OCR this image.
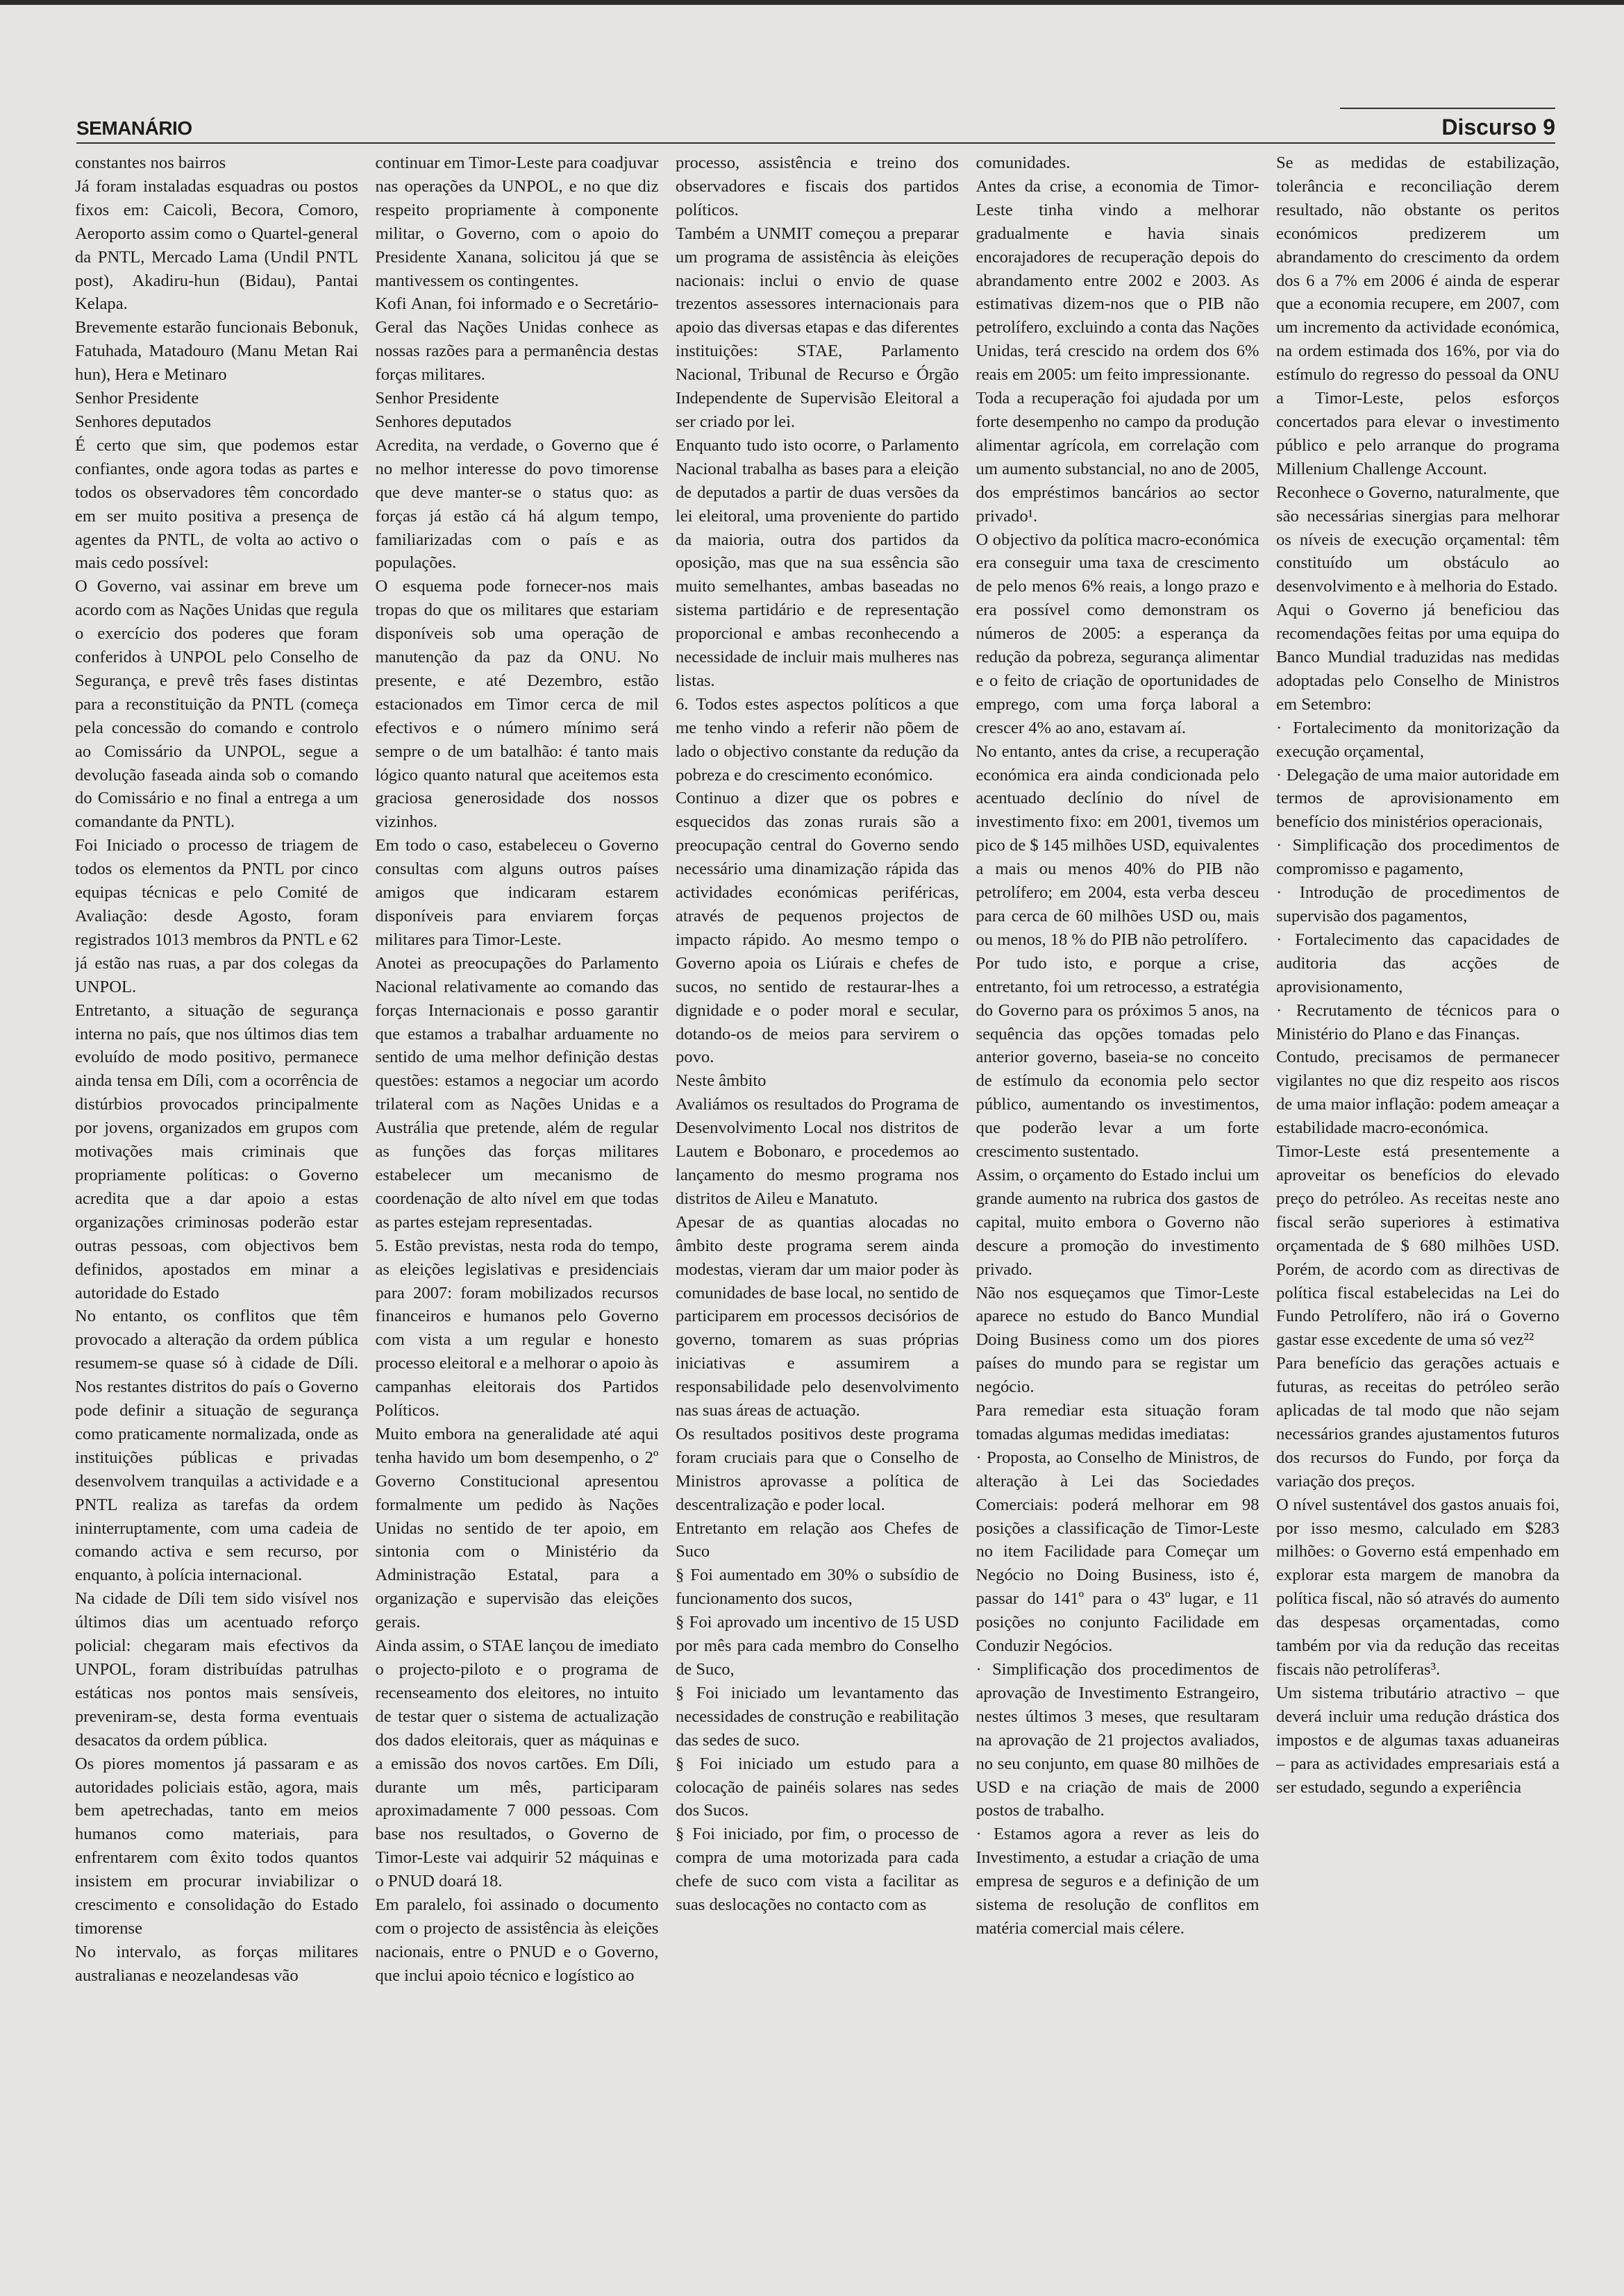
SEMANÁRIO	Discurso 9

constantes nos bairros

Já foram instaladas esquadras ou postos fixos em: Caicoli, Becora, Comoro, Aeroporto assim como o Quartel-general da PNTL, Mercado Lama (Undil PNTL post), Akadiru-hun (Bidau), Pantai Kelapa.

Brevemente estarão funcionais Bebonuk, Fatuhada, Matadouro (Manu Metan Rai hun), Hera e Metinaro

Senhor Presidente

Senhores deputados

É certo que sim, que podemos estar confiantes, onde agora todas as partes e todos os observadores têm concordado em ser muito positiva a presença de agentes da PNTL, de volta ao activo o mais cedo possível:

O Governo, vai assinar em breve um acordo com as Nações Unidas que regula o exercício dos poderes que foram conferidos à UNPOL pelo Conselho de Segurança, e prevê três fases distintas para a reconstituição da PNTL (começa pela concessão do comando e controlo ao Comissário da UNPOL, segue a devolução faseada ainda sob o comando do Comissário e no final a entrega a um comandante da PNTL).

Foi Iniciado o processo de triagem de todos os elementos da PNTL por cinco equipas técnicas e pelo Comité de Avaliação: desde Agosto, foram registrados 1013 membros da PNTL e 62 já estão nas ruas, a par dos colegas da UNPOL.

Entretanto, a situação de segurança interna no país, que nos últimos dias tem evoluído de modo positivo, permanece ainda tensa em Díli, com a ocorrência de distúrbios provocados principalmente por jovens, organizados em grupos com motivações mais criminais que propriamente políticas: o Governo acredita que a dar apoio a estas organizações criminosas poderão estar outras pessoas, com objectivos bem definidos, apostados em minar a autoridade do Estado

No entanto, os conflitos que têm provocado a alteração da ordem pública resumem-se quase só à cidade de Díli. Nos restantes distritos do país o Governo pode definir a situação de segurança como praticamente normalizada, onde as instituições públicas e privadas desenvolvem tranquilas a actividade e a PNTL realiza as tarefas da ordem ininterruptamente, com uma cadeia de comando activa e sem recurso, por enquanto, à polícia internacional.

Na cidade de Díli tem sido visível nos últimos dias um acentuado reforço policial: chegaram mais efectivos da UNPOL, foram distribuídas patrulhas estáticas nos pontos mais sensíveis, preveniram-se, desta forma eventuais desacatos da ordem pública.

Os piores momentos já passaram e as autoridades policiais estão, agora, mais bem apetrechadas, tanto em meios humanos como materiais, para enfrentarem com êxito todos quantos insistem em procurar inviabilizar o crescimento e consolidação do Estado timorense

No intervalo, as forças militares australianas e neozelandesas vão

continuar em Timor-Leste para coadjuvar nas operações da UNPOL, e no que diz respeito propriamente à componente militar, o Governo, com o apoio do Presidente Xanana, solicitou já que se mantivessem os contingentes.

Kofi Anan, foi informado e o Secretário-Geral das Nações Unidas conhece as nossas razões para a permanência destas forças militares.

Senhor Presidente

Senhores deputados

Acredita, na verdade, o Governo que é no melhor interesse do povo timorense que deve manter-se o status quo: as forças já estão cá há algum tempo, familiarizadas com o país e as populações.

O esquema pode fornecer-nos mais tropas do que os militares que estariam disponíveis sob uma operação de manutenção da paz da ONU. No presente, e até Dezembro, estão estacionados em Timor cerca de mil efectivos e o número mínimo será sempre o de um batalhão: é tanto mais lógico quanto natural que aceitemos esta graciosa generosidade dos nossos vizinhos.

Em todo o caso, estabeleceu o Governo consultas com alguns outros países amigos que indicaram estarem disponíveis para enviarem forças militares para Timor-Leste.

Anotei as preocupações do Parlamento Nacional relativamente ao comando das forças Internacionais e posso garantir que estamos a trabalhar arduamente no sentido de uma melhor definição destas questões: estamos a negociar um acordo trilateral com as Nações Unidas e a Austrália que pretende, além de regular as funções das forças militares estabelecer um mecanismo de coordenação de alto nível em que todas as partes estejam representadas.

5. Estão previstas, nesta roda do tempo, as eleições legislativas e presidenciais para 2007: foram mobilizados recursos financeiros e humanos pelo Governo com vista a um regular e honesto processo eleitoral e a melhorar o apoio às campanhas eleitorais dos Partidos Políticos.

Muito embora na generalidade até aqui tenha havido um bom desempenho, o 2º Governo Constitucional apresentou formalmente um pedido às Nações Unidas no sentido de ter apoio, em sintonia com o Ministério da Administração Estatal, para a organização e supervisão das eleições gerais.

Ainda assim, o STAE lançou de imediato o projecto-piloto e o programa de recenseamento dos eleitores, no intuito de testar quer o sistema de actualização dos dados eleitorais, quer as máquinas e a emissão dos novos cartões. Em Díli, durante um mês, participaram aproximadamente 7 000 pessoas. Com base nos resultados, o Governo de Timor-Leste vai adquirir 52 máquinas e o PNUD doará 18.

Em paralelo, foi assinado o documento com o projecto de assistência às eleições nacionais, entre o PNUD e o Governo, que inclui apoio técnico e logístico ao

processo, assistência e treino dos observadores e fiscais dos partidos políticos.

Também a UNMIT começou a preparar um programa de assistência às eleições nacionais: inclui o envio de quase trezentos assessores internacionais para apoio das diversas etapas e das diferentes instituições: STAE, Parlamento Nacional, Tribunal de Recurso e Órgão Independente de Supervisão Eleitoral a ser criado por lei.

Enquanto tudo isto ocorre, o Parlamento Nacional trabalha as bases para a eleição de deputados a partir de duas versões da lei eleitoral, uma proveniente do partido da maioria, outra dos partidos da oposição, mas que na sua essência são muito semelhantes, ambas baseadas no sistema partidário e de representação proporcional e ambas reconhecendo a necessidade de incluir mais mulheres nas listas.

6. Todos estes aspectos políticos a que me tenho vindo a referir não põem de lado o objectivo constante da redução da pobreza e do crescimento económico.

Continuo a dizer que os pobres e esquecidos das zonas rurais são a preocupação central do Governo sendo necessário uma dinamização rápida das actividades económicas periféricas, através de pequenos projectos de impacto rápido. Ao mesmo tempo o Governo apoia os Liúrais e chefes de sucos, no sentido de restaurar-lhes a dignidade e o poder moral e secular, dotando-os de meios para servirem o povo.

Neste âmbito

Avaliámos os resultados do Programa de Desenvolvimento Local nos distritos de Lautem e Bobonaro, e procedemos ao lançamento do mesmo programa nos distritos de Aileu e Manatuto.

Apesar de as quantias alocadas no âmbito deste programa serem ainda modestas, vieram dar um maior poder às comunidades de base local, no sentido de participarem em processos decisórios de governo, tomarem as suas próprias iniciativas e assumirem a responsabilidade pelo desenvolvimento nas suas áreas de actuação.

Os resultados positivos deste programa foram cruciais para que o Conselho de Ministros aprovasse a política de descentralização e poder local.

Entretanto em relação aos Chefes de Suco

§ Foi aumentado em 30% o subsídio de funcionamento dos sucos,

§ Foi aprovado um incentivo de 15 USD por mês para cada membro do Conselho de Suco,

§ Foi iniciado um levantamento das necessidades de construção e reabilitação das sedes de suco.

§ Foi iniciado um estudo para a colocação de painéis solares nas sedes dos Sucos.

§ Foi iniciado, por fim, o processo de compra de uma motorizada para cada chefe de suco com vista a facilitar as suas deslocações no contacto com as

comunidades.

Antes da crise, a economia de Timor-Leste tinha vindo a melhorar gradualmente e havia sinais encorajadores de recuperação depois do abrandamento entre 2002 e 2003. As estimativas dizem-nos que o PIB não petrolífero, excluindo a conta das Nações Unidas, terá crescido na ordem dos 6% reais em 2005: um feito impressionante.

Toda a recuperação foi ajudada por um forte desempenho no campo da produção alimentar agrícola, em correlação com um aumento substancial, no ano de 2005, dos empréstimos bancários ao sector privado¹.

O objectivo da política macro-económica era conseguir uma taxa de crescimento de pelo menos 6% reais, a longo prazo e era possível como demonstram os números de 2005: a esperança da redução da pobreza, segurança alimentar e o feito de criação de oportunidades de emprego, com uma força laboral a crescer 4% ao ano, estavam aí.

No entanto, antes da crise, a recuperação económica era ainda condicionada pelo acentuado declínio do nível de investimento fixo: em 2001, tivemos um pico de $ 145 milhões USD, equivalentes a mais ou menos 40% do PIB não petrolífero; em 2004, esta verba desceu para cerca de 60 milhões USD ou, mais ou menos, 18 % do PIB não petrolífero.

Por tudo isto, e porque a crise, entretanto, foi um retrocesso, a estratégia do Governo para os próximos 5 anos, na sequência das opções tomadas pelo anterior governo, baseia-se no conceito de estímulo da economia pelo sector público, aumentando os investimentos, que poderão levar a um forte crescimento sustentado.

Assim, o orçamento do Estado inclui um grande aumento na rubrica dos gastos de capital, muito embora o Governo não descure a promoção do investimento privado.

Não nos esqueçamos que Timor-Leste aparece no estudo do Banco Mundial Doing Business como um dos piores países do mundo para se registar um negócio.

Para remediar esta situação foram tomadas algumas medidas imediatas:

· Proposta, ao Conselho de Ministros, de alteração à Lei das Sociedades Comerciais: poderá melhorar em 98 posições a classificação de Timor-Leste no item Facilidade para Começar um Negócio no Doing Business, isto é, passar do 141º para o 43º lugar, e 11 posições no conjunto Facilidade em Conduzir Negócios.

· Simplificação dos procedimentos de aprovação de Investimento Estrangeiro, nestes últimos 3 meses, que resultaram na aprovação de 21 projectos avaliados, no seu conjunto, em quase 80 milhões de USD e na criação de mais de 2000 postos de trabalho.

· Estamos agora a rever as leis do Investimento, a estudar a criação de uma empresa de seguros e a definição de um sistema de resolução de conflitos em matéria comercial mais célere.

Se as medidas de estabilização, tolerância e reconciliação derem resultado, não obstante os peritos económicos predizerem um abrandamento do crescimento da ordem dos 6 a 7% em 2006 é ainda de esperar que a economia recupere, em 2007, com um incremento da actividade económica, na ordem estimada dos 16%, por via do estímulo do regresso do pessoal da ONU a Timor-Leste, pelos esforços concertados para elevar o investimento público e pelo arranque do programa Millenium Challenge Account.

Reconhece o Governo, naturalmente, que são necessárias sinergias para melhorar os níveis de execução orçamental: têm constituído um obstáculo ao desenvolvimento e à melhoria do Estado.

Aqui o Governo já beneficiou das recomendações feitas por uma equipa do Banco Mundial traduzidas nas medidas adoptadas pelo Conselho de Ministros em Setembro:

· Fortalecimento da monitorização da execução orçamental,

· Delegação de uma maior autoridade em termos de aprovisionamento em benefício dos ministérios operacionais,

· Simplificação dos procedimentos de compromisso e pagamento,

· Introdução de procedimentos de supervisão dos pagamentos,

· Fortalecimento das capacidades de auditoria das acções de aprovisionamento,

· Recrutamento de técnicos para o Ministério do Plano e das Finanças.

Contudo, precisamos de permanecer vigilantes no que diz respeito aos riscos de uma maior inflação: podem ameaçar a estabilidade macro-económica.

Timor-Leste está presentemente a aproveitar os benefícios do elevado preço do petróleo. As receitas neste ano fiscal serão superiores à estimativa orçamentada de $ 680 milhões USD. Porém, de acordo com as directivas de política fiscal estabelecidas na Lei do Fundo Petrolífero, não irá o Governo gastar esse excedente de uma só vez²²

Para benefício das gerações actuais e futuras, as receitas do petróleo serão aplicadas de tal modo que não sejam necessários grandes ajustamentos futuros dos recursos do Fundo, por força da variação dos preços.

O nível sustentável dos gastos anuais foi, por isso mesmo, calculado em $283 milhões: o Governo está empenhado em explorar esta margem de manobra da política fiscal, não só através do aumento das despesas orçamentadas, como também por via da redução das receitas fiscais não petrolíferas³.

Um sistema tributário atractivo – que deverá incluir uma redução drástica dos impostos e de algumas taxas aduaneiras – para as actividades empresariais está a ser estudado, segundo a experiência
